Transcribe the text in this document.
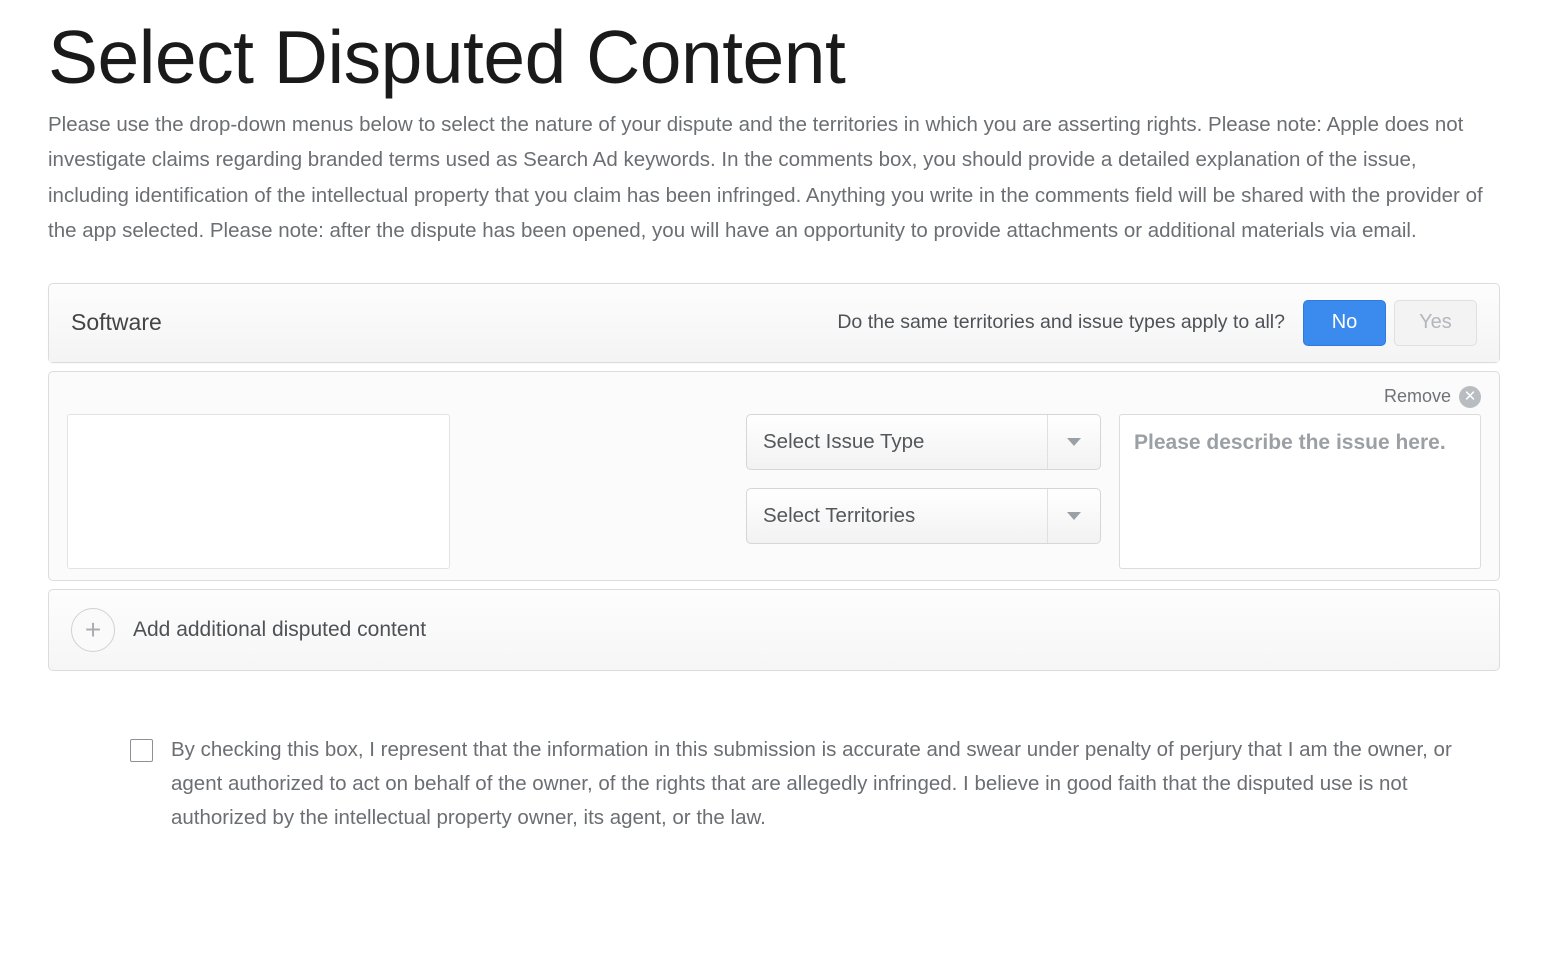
Select Disputed Content

Please use the drop-down menus below to select the nature of your dispute and the territories in which you are asserting rights. Please note: Apple does not investigate claims regarding branded terms used as Search Ad keywords. In the comments box, you should provide a detailed explanation of the issue, including identification of the intellectual property that you claim has been infringed. Anything you write in the comments field will be shared with the provider of the app selected. Please note: after the dispute has been opened, you will have an opportunity to provide attachments or additional materials via email.

Software	Do the same territories and issue types apply to all?	No	Yes
Remove ✕
Select Issue Type
Select Territories
Please describe the issue here.
+	Add additional disputed content
By checking this box, I represent that the information in this submission is accurate and swear under penalty of perjury that I am the owner, or agent authorized to act on behalf of the owner, of the rights that are allegedly infringed. I believe in good faith that the disputed use is not authorized by the intellectual property owner, its agent, or the law.
